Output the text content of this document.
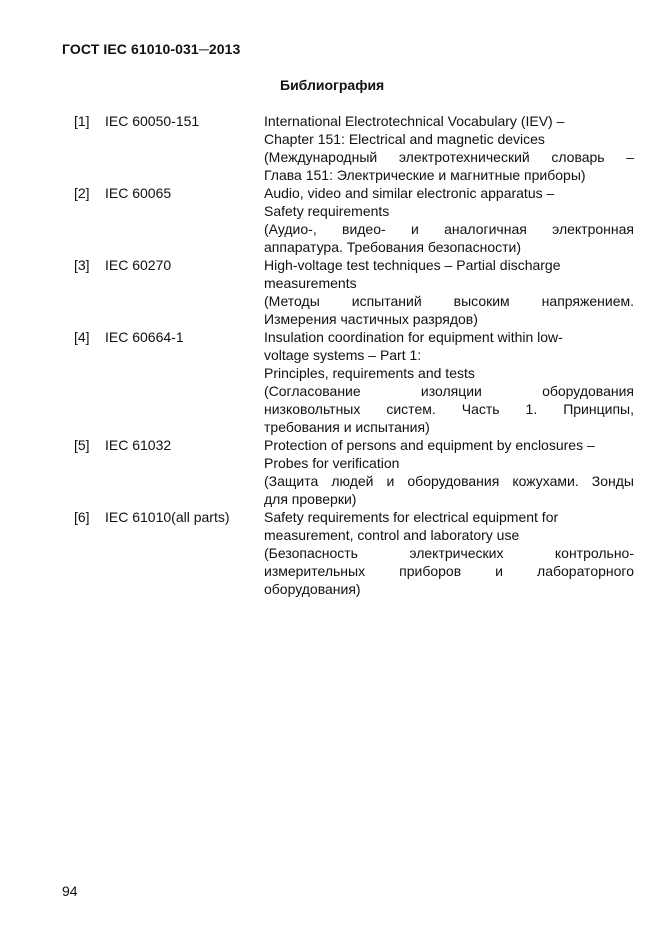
ГОСТ IEC 61010-031─2013
Библиография
[1]	IEC 60050-151	International Electrotechnical Vocabulary (IEV) –
Chapter 151: Electrical and magnetic devices
(Международный электротехнический словарь –
Глава 151: Электрические и магнитные приборы)
[2]	IEC 60065	Audio, video and similar electronic apparatus –
Safety requirements
(Аудио-, видео- и аналогичная электронная
аппаратура. Требования безопасности)
[3]	IEC 60270	High-voltage test techniques – Partial discharge
measurements
(Методы испытаний высоким напряжением.
Измерения частичных разрядов)
[4]	IEC 60664-1	Insulation coordination for equipment within low-
voltage systems – Part 1:
Principles, requirements and tests
(Согласование изоляции оборудования
низковольтных систем. Часть 1. Принципы,
требования и испытания)
[5]	IEC 61032	Protection of persons and equipment by enclosures –
Probes for verification
(Защита людей и оборудования кожухами. Зонды
для проверки)
[6]	IEC 61010(all parts)	Safety requirements for electrical equipment for
measurement, control and laboratory use
(Безопасность электрических контрольно-
измерительных приборов и лабораторного
оборудования)
94
